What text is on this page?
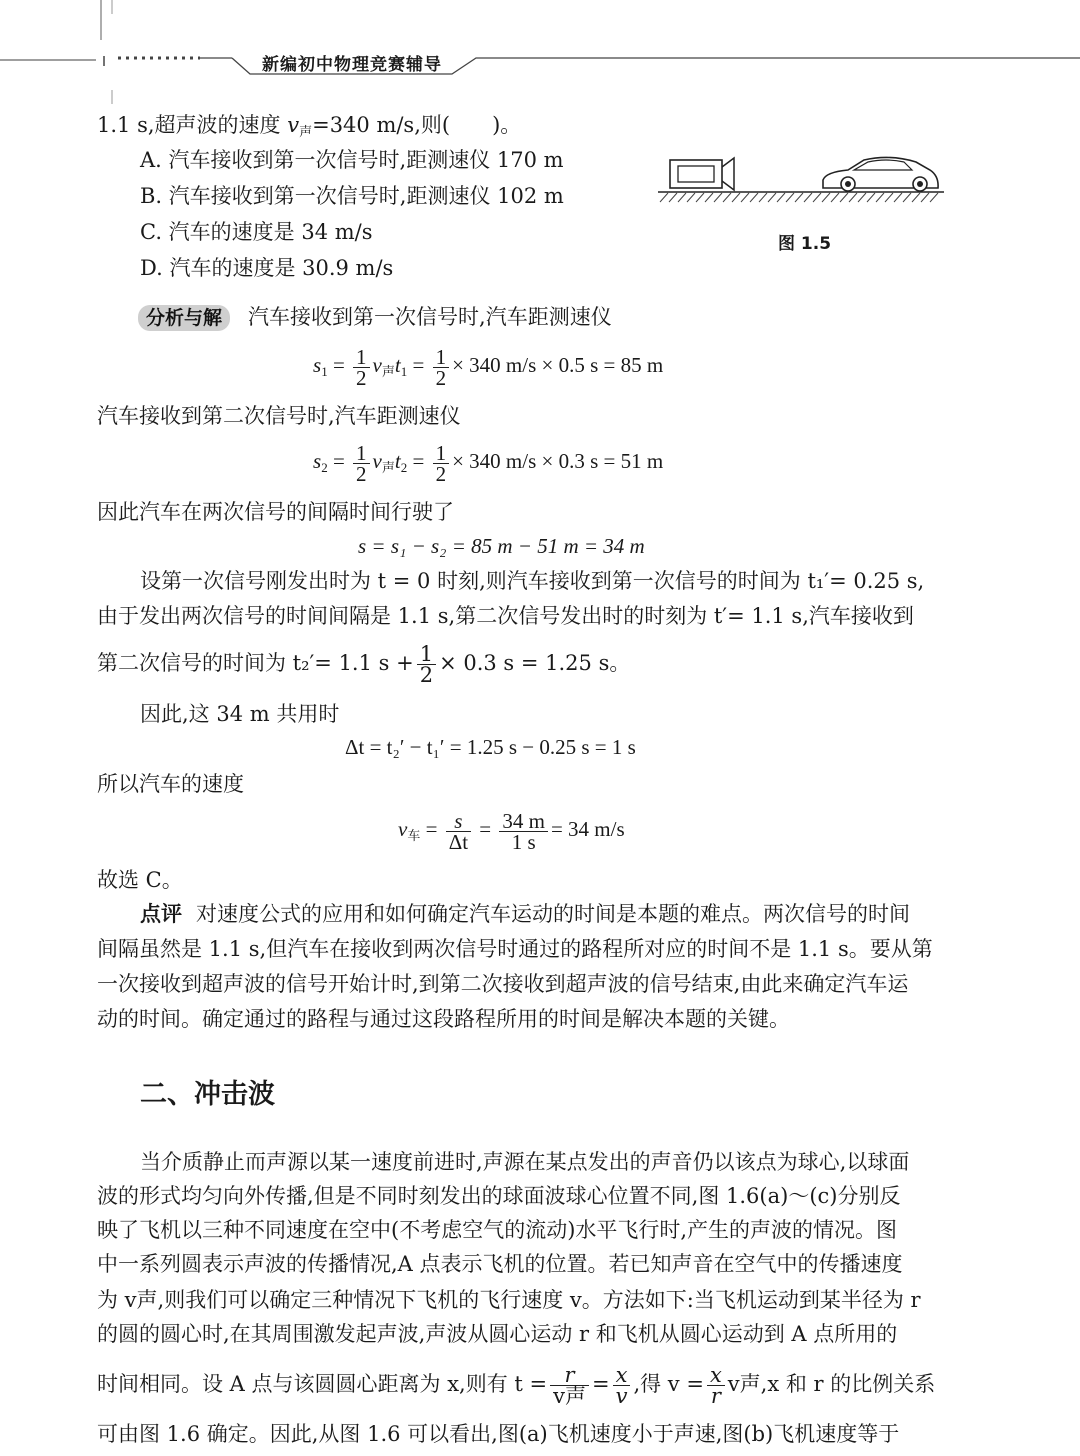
新编初中物理竞赛辅导
1.1 s,超声波的速度 $v_声=340$ m/s,则(　　)。
A. 汽车接收到第一次信号时,距测速仪 170 m
B. 汽车接收到第一次信号时,距测速仪 102 m
C. 汽车的速度是 34 m/s
D. 汽车的速度是 30.9 m/s
图 1.5
分析与解 汽车接收到第一次信号时,汽车距测速仪
$s_1 = \frac{1}{2} v_声t_1 = \frac{1}{2} \times 340$ m/s × 0.5 s = 85 m
汽车接收到第二次信号时,汽车距测速仪
$s_2 = \frac{1}{2} v_声t_2 = \frac{1}{2} \times 340$ m/s × 0.3 s = 51 m
因此汽车在两次信号的间隔时间行驶了
s = s₁ − s₂ = 85 m − 51 m = 34 m
设第一次信号刚发出时为 t = 0 时刻,则汽车接收到第一次信号的时间为 t₁′= 0.25 s,
由于发出两次信号的时间间隔是 1.1 s,第二次信号发出时的时刻为 t′= 1.1 s,汽车接收到
第二次信号的时间为 t₂′= 1.1 $s + \frac{1}{2} \times 0.3$ s = 1.25 s。
因此,这 34 m 共用时
Δt = t₂′ − t₁′ = 1.25 s − 0.25 s = 1 s
所以汽车的速度
$v_车 = \frac{s}{\Delta t} = \frac{34 m}{1 s} = 34$ m/s
故选 C。
点评 对速度公式的应用和如何确定汽车运动的时间是本题的难点。两次信号的时间
间隔虽然是 1.1 s,但汽车在接收到两次信号时通过的路程所对应的时间不是 1.1 s。要从第
一次接收到超声波的信号开始计时,到第二次接收到超声波的信号结束,由此来确定汽车运
动的时间。确定通过的路程与通过这段路程所用的时间是解决本题的关键。
二、冲击波
当介质静止而声源以某一速度前进时,声源在某点发出的声音仍以该点为球心,以球面
波的形式均匀向外传播,但是不同时刻发出的球面波球心位置不同,图 1.6(a)～(c)分别反
映了飞机以三种不同速度在空中(不考虑空气的流动)水平飞行时,产生的声波的情况。图
中一系列圆表示声波的传播情况,A 点表示飞机的位置。若已知声音在空气中的传播速度
为 v声,则我们可以确定三种情况下飞机的飞行速度 v。方法如下:当飞机运动到某半径为 r
的圆的圆心时,在其周围激发起声波,声波从圆心运动 r 和飞机从圆心运动到 A 点所用的
时间相同。设 A 点与该圆圆心距离为 x,则有 $t = \frac{r}{\text{v声}} = \frac{x}{v}$ ,得 $v = \frac{x}{r}$ v声,x 和 r 的比例关系
可由图 1.6 确定。因此,从图 1.6 可以看出,图(a)飞机速度小于声速,图(b)飞机速度等于
